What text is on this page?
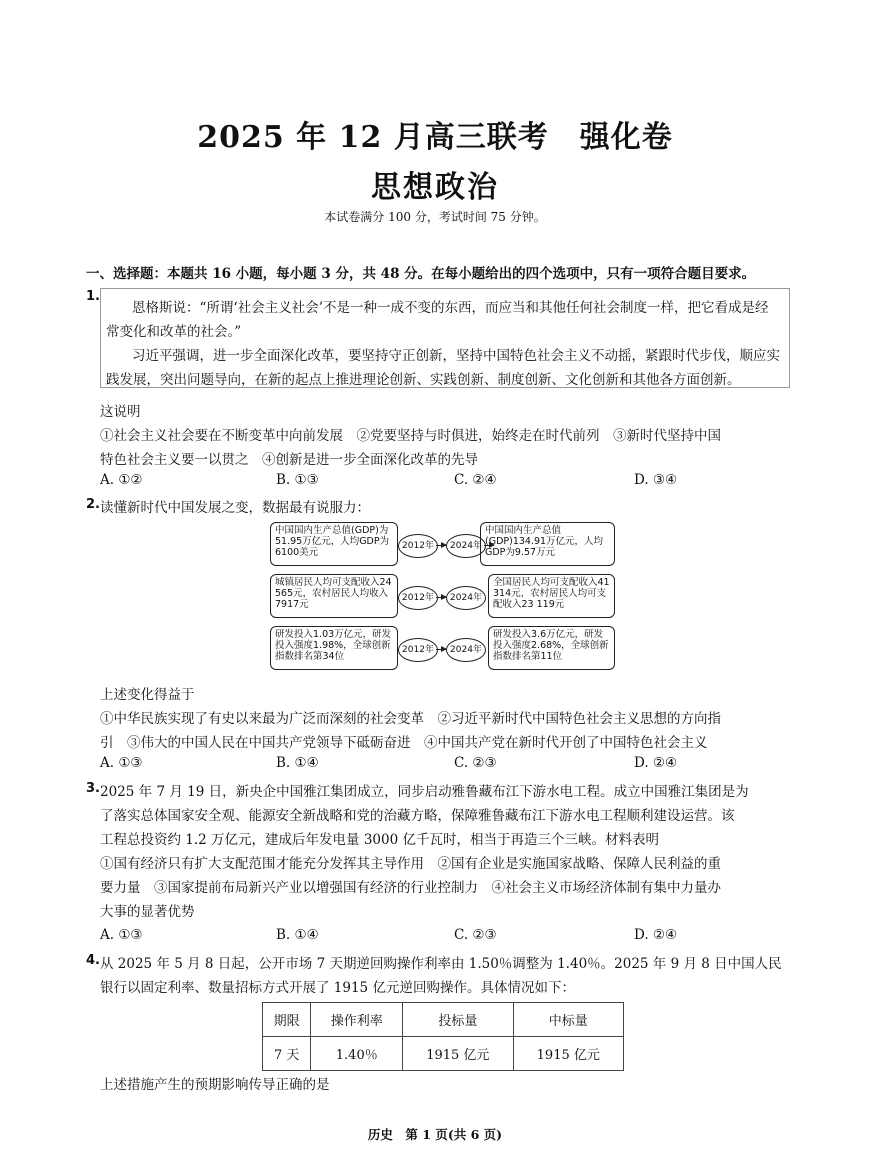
2025 年 12 月高三联考　强化卷
思想政治
本试卷满分 100 分，考试时间 75 分钟。
一、选择题：本题共 16 小题，每小题 3 分，共 48 分。在每小题给出的四个选项中，只有一项符合题目要求。
1.
恩格斯说：“所谓‘社会主义社会’不是一种一成不变的东西，而应当和其他任何社会制度一样，把它看成是经
常变化和改革的社会。”
习近平强调，进一步全面深化改革，要坚持守正创新，坚持中国特色社会主义不动摇，紧跟时代步伐，顺应实
践发展，突出问题导向，在新的起点上推进理论创新、实践创新、制度创新、文化创新和其他各方面创新。
这说明
①社会主义社会要在不断变革中向前发展　②党要坚持与时俱进，始终走在时代前列　③新时代坚持中国
特色社会主义要一以贯之　④创新是进一步全面深化改革的先导
A. ①②	B. ①③	C. ②④	D. ③④
2. 读懂新时代中国发展之变，数据最有说服力：
中国国内生产总值(GDP)为51.95万亿元，人均GDP为6100美元
2012年	2024年
中国国内生产总值(GDP)134.91万亿元，人均GDP为9.57万元
城镇居民人均可支配收入24 565元，农村居民人均收入7917元
2012年	2024年
全国居民人均可支配收入41 314元，农村居民人均可支配收入23 119元
研发投入1.03万亿元，研发投入强度1.98%，全球创新指数排名第34位
2012年	2024年
研发投入3.6万亿元，研发投入强度2.68%，全球创新指数排名第11位
上述变化得益于
①中华民族实现了有史以来最为广泛而深刻的社会变革　②习近平新时代中国特色社会主义思想的方向指
引　③伟大的中国人民在中国共产党领导下砥砺奋进　④中国共产党在新时代开创了中国特色社会主义
A. ①③	B. ①④	C. ②③	D. ②④
3. 2025 年 7 月 19 日，新央企中国雅江集团成立，同步启动雅鲁藏布江下游水电工程。成立中国雅江集团是为
了落实总体国家安全观、能源安全新战略和党的治藏方略，保障雅鲁藏布江下游水电工程顺利建设运营。该
工程总投资约 1.2 万亿元，建成后年发电量 3000 亿千瓦时，相当于再造三个三峡。材料表明
①国有经济只有扩大支配范围才能充分发挥其主导作用　②国有企业是实施国家战略、保障人民利益的重
要力量　③国家提前布局新兴产业以增强国有经济的行业控制力　④社会主义市场经济体制有集中力量办
大事的显著优势
A. ①③	B. ①④	C. ②③	D. ②④
4. 从 2025 年 5 月 8 日起，公开市场 7 天期逆回购操作利率由 1.50％调整为 1.40％。2025 年 9 月 8 日中国人民
银行以固定利率、数量招标方式开展了 1915 亿元逆回购操作。具体情况如下：
期限	操作利率	投标量	中标量
7 天	1.40％	1915 亿元	1915 亿元
上述措施产生的预期影响传导正确的是
历史　第 1 页(共 6 页)
